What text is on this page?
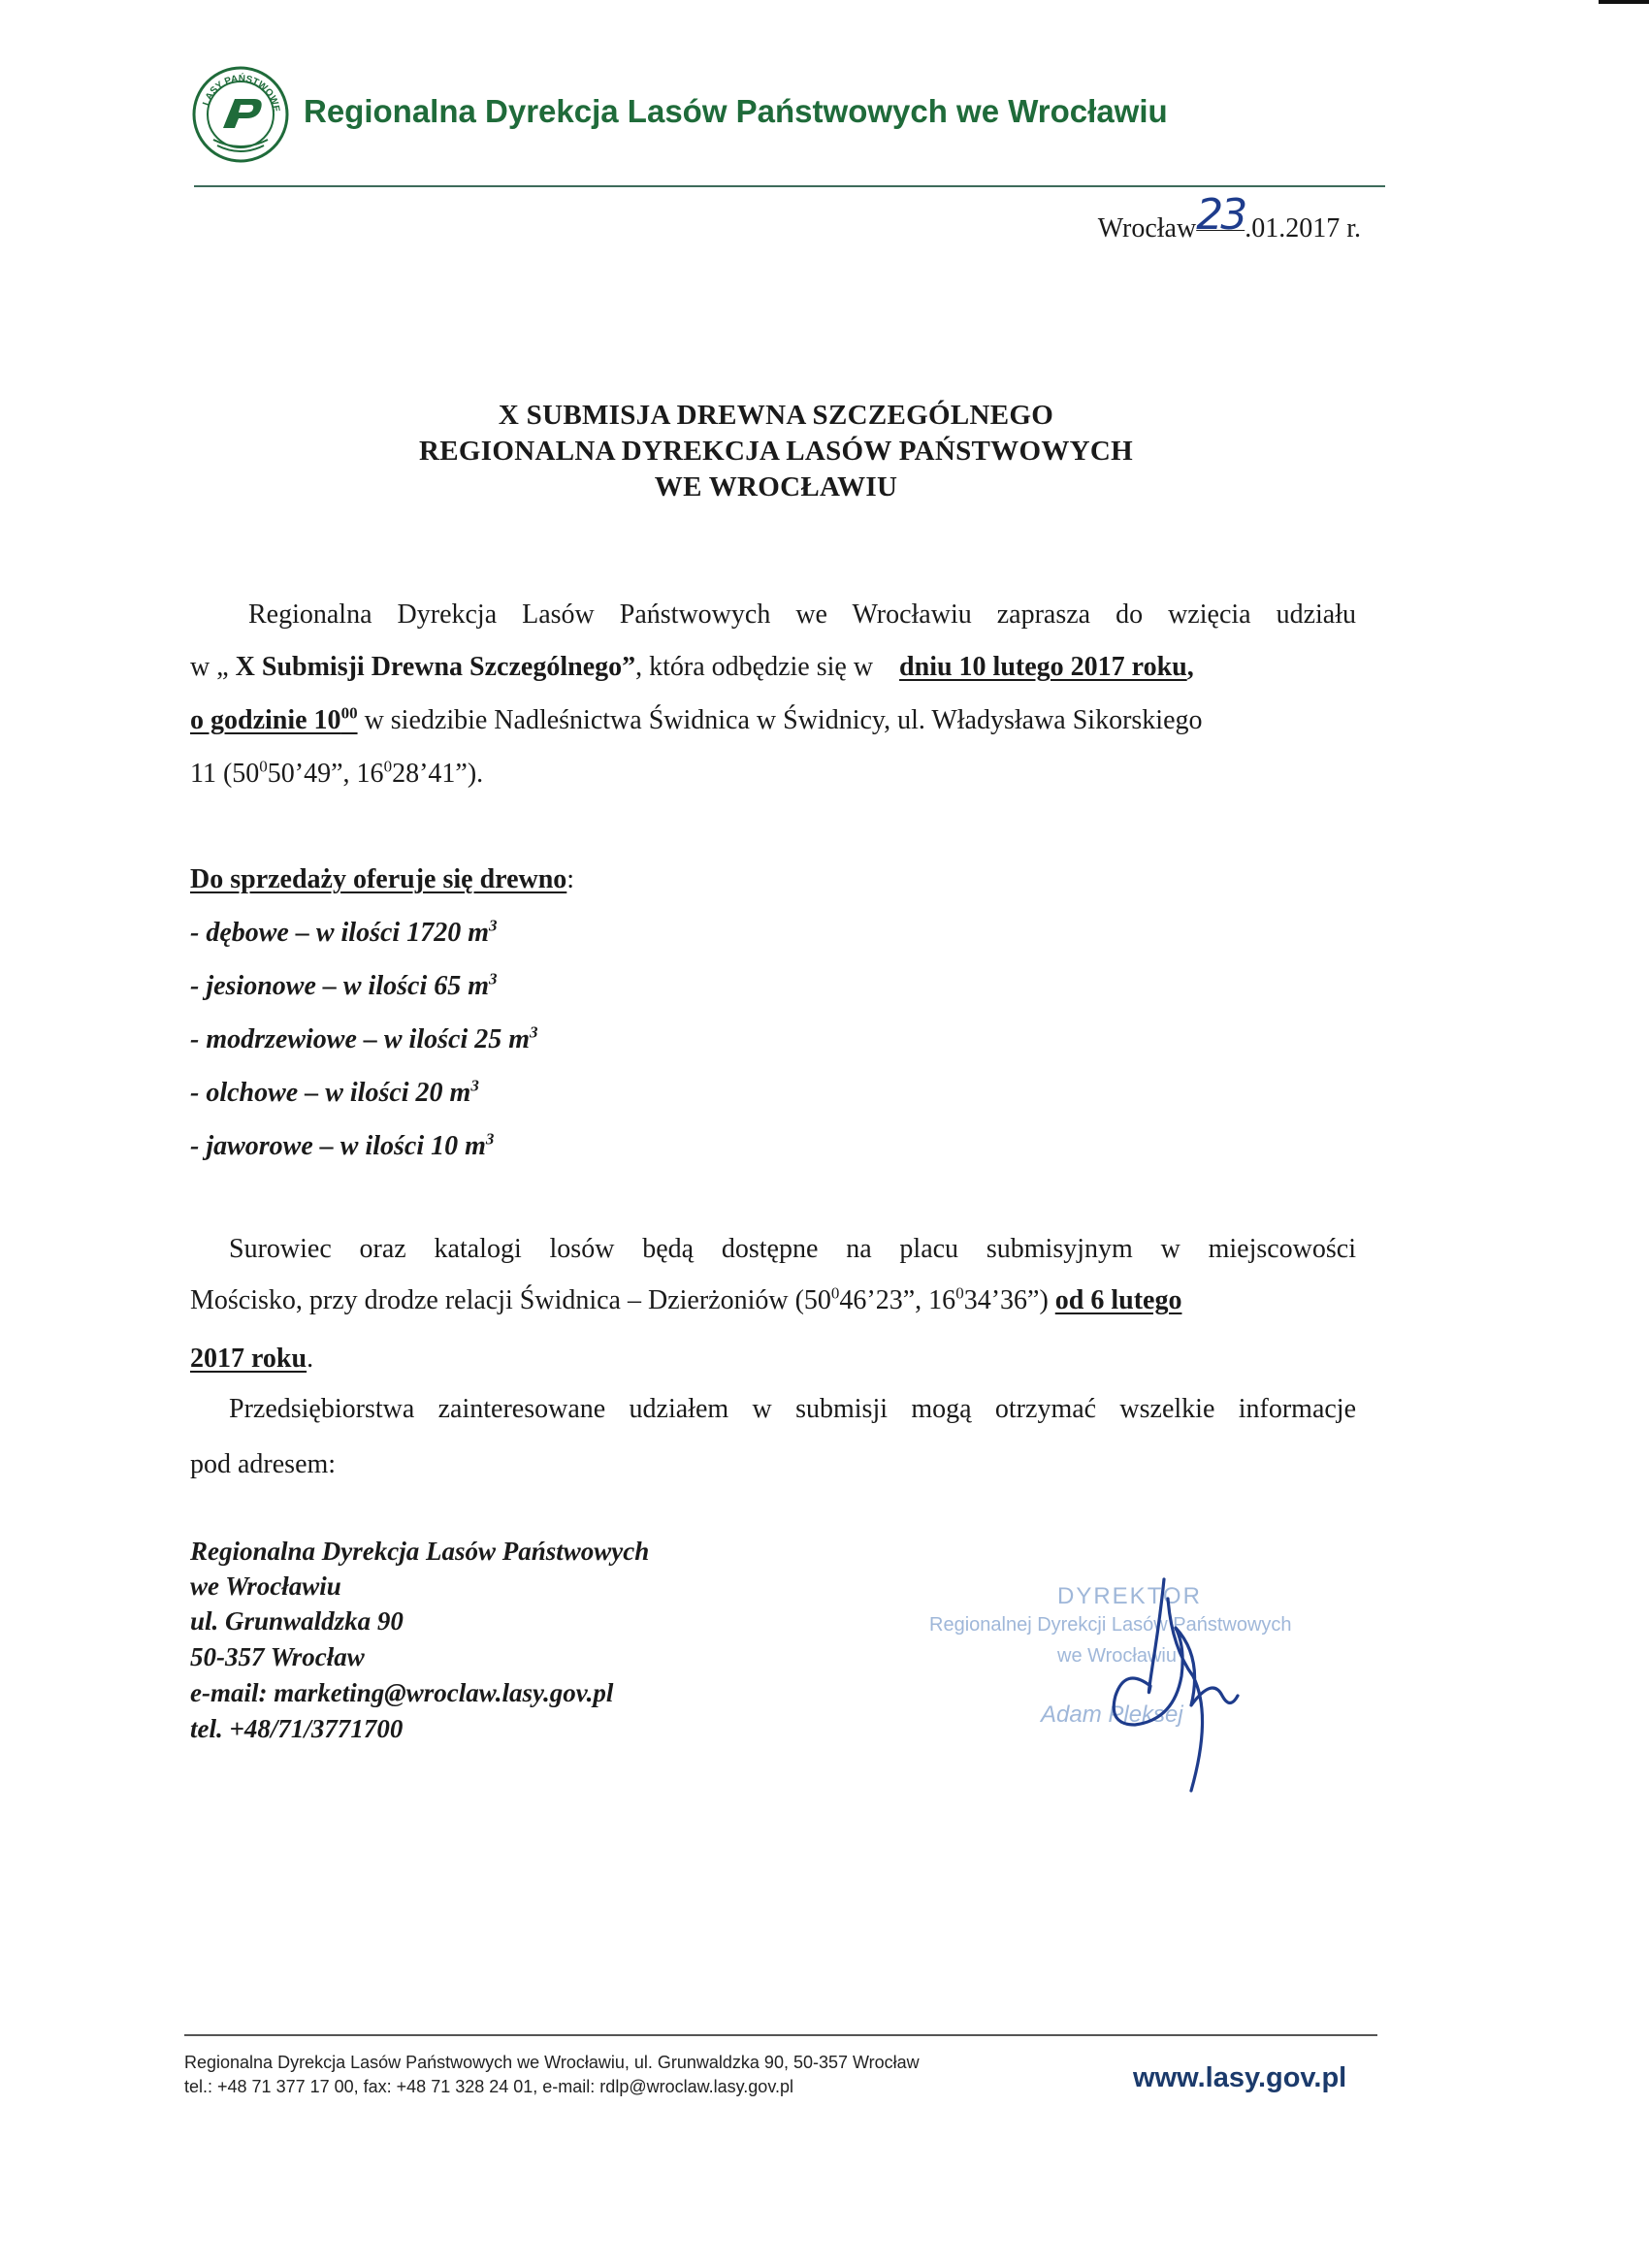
LASY PAŃSTWOWE Regionalna Dyrekcja Lasów Państwowych we Wrocławiu
Wrocław23.01.2017 r.
X SUBMISJA DREWNA SZCZEGÓLNEGO
REGIONALNA DYREKCJA LASÓW PAŃSTWOWYCH
WE WROCŁAWIU
Regionalna Dyrekcja Lasów Państwowych we Wrocławiu zaprasza do wzięcia udziału
w „ X Submisji Drewna Szczególnego”, która odbędzie się w dniu 10 lutego 2017 roku,
o godzinie $10^{00}$ w siedzibie Nadleśnictwa Świdnica w Świdnicy, ul. Władysława Sikorskiego
11 ($50^050’49$”, $16^028’41$”).
Do sprzedaży oferuje się drewno:
- dębowe – w ilości 1720 $m^3$
- jesionowe – w ilości 65 $m^3$
- modrzewiowe – w ilości 25 $m^3$
- olchowe – w ilości 20 $m^3$
- jaworowe – w ilości 10 $m^3$
Surowiec oraz katalogi losów będą dostępne na placu submisyjnym w miejscowości
Mościsko, przy drodze relacji Świdnica – Dzierżoniów ($50^046’23$”, $16^034’36$”) od 6 lutego
2017 roku.
Przedsiębiorstwa zainteresowane udziałem w submisji mogą otrzymać wszelkie informacje
pod adresem:
Regionalna Dyrekcja Lasów Państwowych
we Wrocławiu
ul. Grunwaldzka 90
50-357 Wrocław
e-mail: marketing@wroclaw.lasy.gov.pl
tel. +48/71/3771700
DYREKTOR
Regionalnej Dyrekcji Lasów Państwowych
we Wrocławiu
Adam Pleksej
Regionalna Dyrekcja Lasów Państwowych we Wrocławiu, ul. Grunwaldzka 90, 50-357 Wrocław
tel.: +48 71 377 17 00, fax: +48 71 328 24 01, e-mail: rdlp@wroclaw.lasy.gov.pl	www.lasy.gov.pl
